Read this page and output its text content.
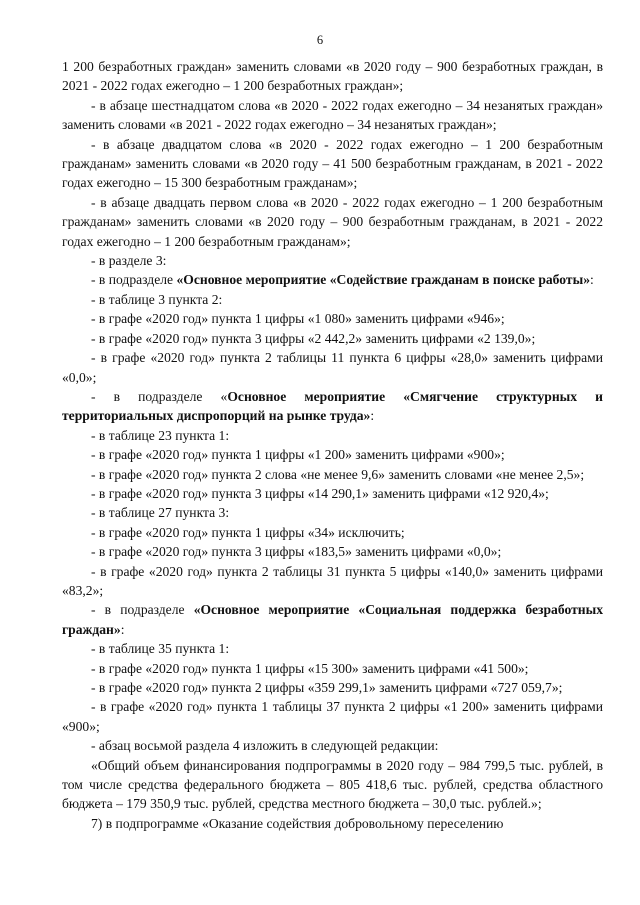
6

1 200 безработных граждан» заменить словами «в 2020 году – 900 безработных граждан, в 2021 - 2022 годах ежегодно – 1 200 безработных граждан»;

- в абзаце шестнадцатом слова «в 2020 - 2022 годах ежегодно – 34 незанятых граждан» заменить словами «в 2021 - 2022 годах ежегодно – 34 незанятых граждан»;

- в абзаце двадцатом слова «в 2020 - 2022 годах ежегодно – 1 200 безработным гражданам» заменить словами «в 2020 году – 41 500 безработным гражданам, в 2021 - 2022 годах ежегодно – 15 300 безработным гражданам»;

- в абзаце двадцать первом слова «в 2020 - 2022 годах ежегодно – 1 200 безработным гражданам» заменить словами «в 2020 году – 900 безработным гражданам, в 2021 - 2022 годах ежегодно – 1 200 безработным гражданам»;

- в разделе 3:

- в подразделе «Основное мероприятие «Содействие гражданам в поиске работы»:

- в таблице 3 пункта 2:

- в графе «2020 год» пункта 1 цифры «1 080» заменить цифрами «946»;

- в графе «2020 год» пункта 3 цифры «2 442,2» заменить цифрами «2 139,0»;

- в графе «2020 год» пункта 2 таблицы 11 пункта 6 цифры «28,0» заменить цифрами «0,0»;

- в подразделе «Основное мероприятие «Смягчение структурных и территориальных диспропорций на рынке труда»:

- в таблице 23 пункта 1:

- в графе «2020 год» пункта 1 цифры «1 200» заменить цифрами «900»;

- в графе «2020 год» пункта 2 слова «не менее 9,6» заменить словами «не менее 2,5»;

- в графе «2020 год» пункта 3 цифры «14 290,1» заменить цифрами «12 920,4»;

- в таблице 27 пункта 3:

- в графе «2020 год» пункта 1 цифры «34» исключить;

- в графе «2020 год» пункта 3 цифры «183,5» заменить цифрами «0,0»;

- в графе «2020 год» пункта 2 таблицы 31 пункта 5 цифры «140,0» заменить цифрами «83,2»;

- в подразделе «Основное мероприятие «Социальная поддержка безработных граждан»:

- в таблице 35 пункта 1:

- в графе «2020 год» пункта 1 цифры «15 300» заменить цифрами «41 500»;

- в графе «2020 год» пункта 2 цифры «359 299,1» заменить цифрами «727 059,7»;

- в графе «2020 год» пункта 1 таблицы 37 пункта 2 цифры «1 200» заменить цифрами «900»;

- абзац восьмой раздела 4 изложить в следующей редакции:

«Общий объем финансирования подпрограммы в 2020 году – 984 799,5 тыс. рублей, в том числе средства федерального бюджета – 805 418,6 тыс. рублей, средства областного бюджета – 179 350,9 тыс. рублей, средства местного бюджета – 30,0 тыс. рублей.»;

7) в подпрограмме «Оказание содействия добровольному переселению
